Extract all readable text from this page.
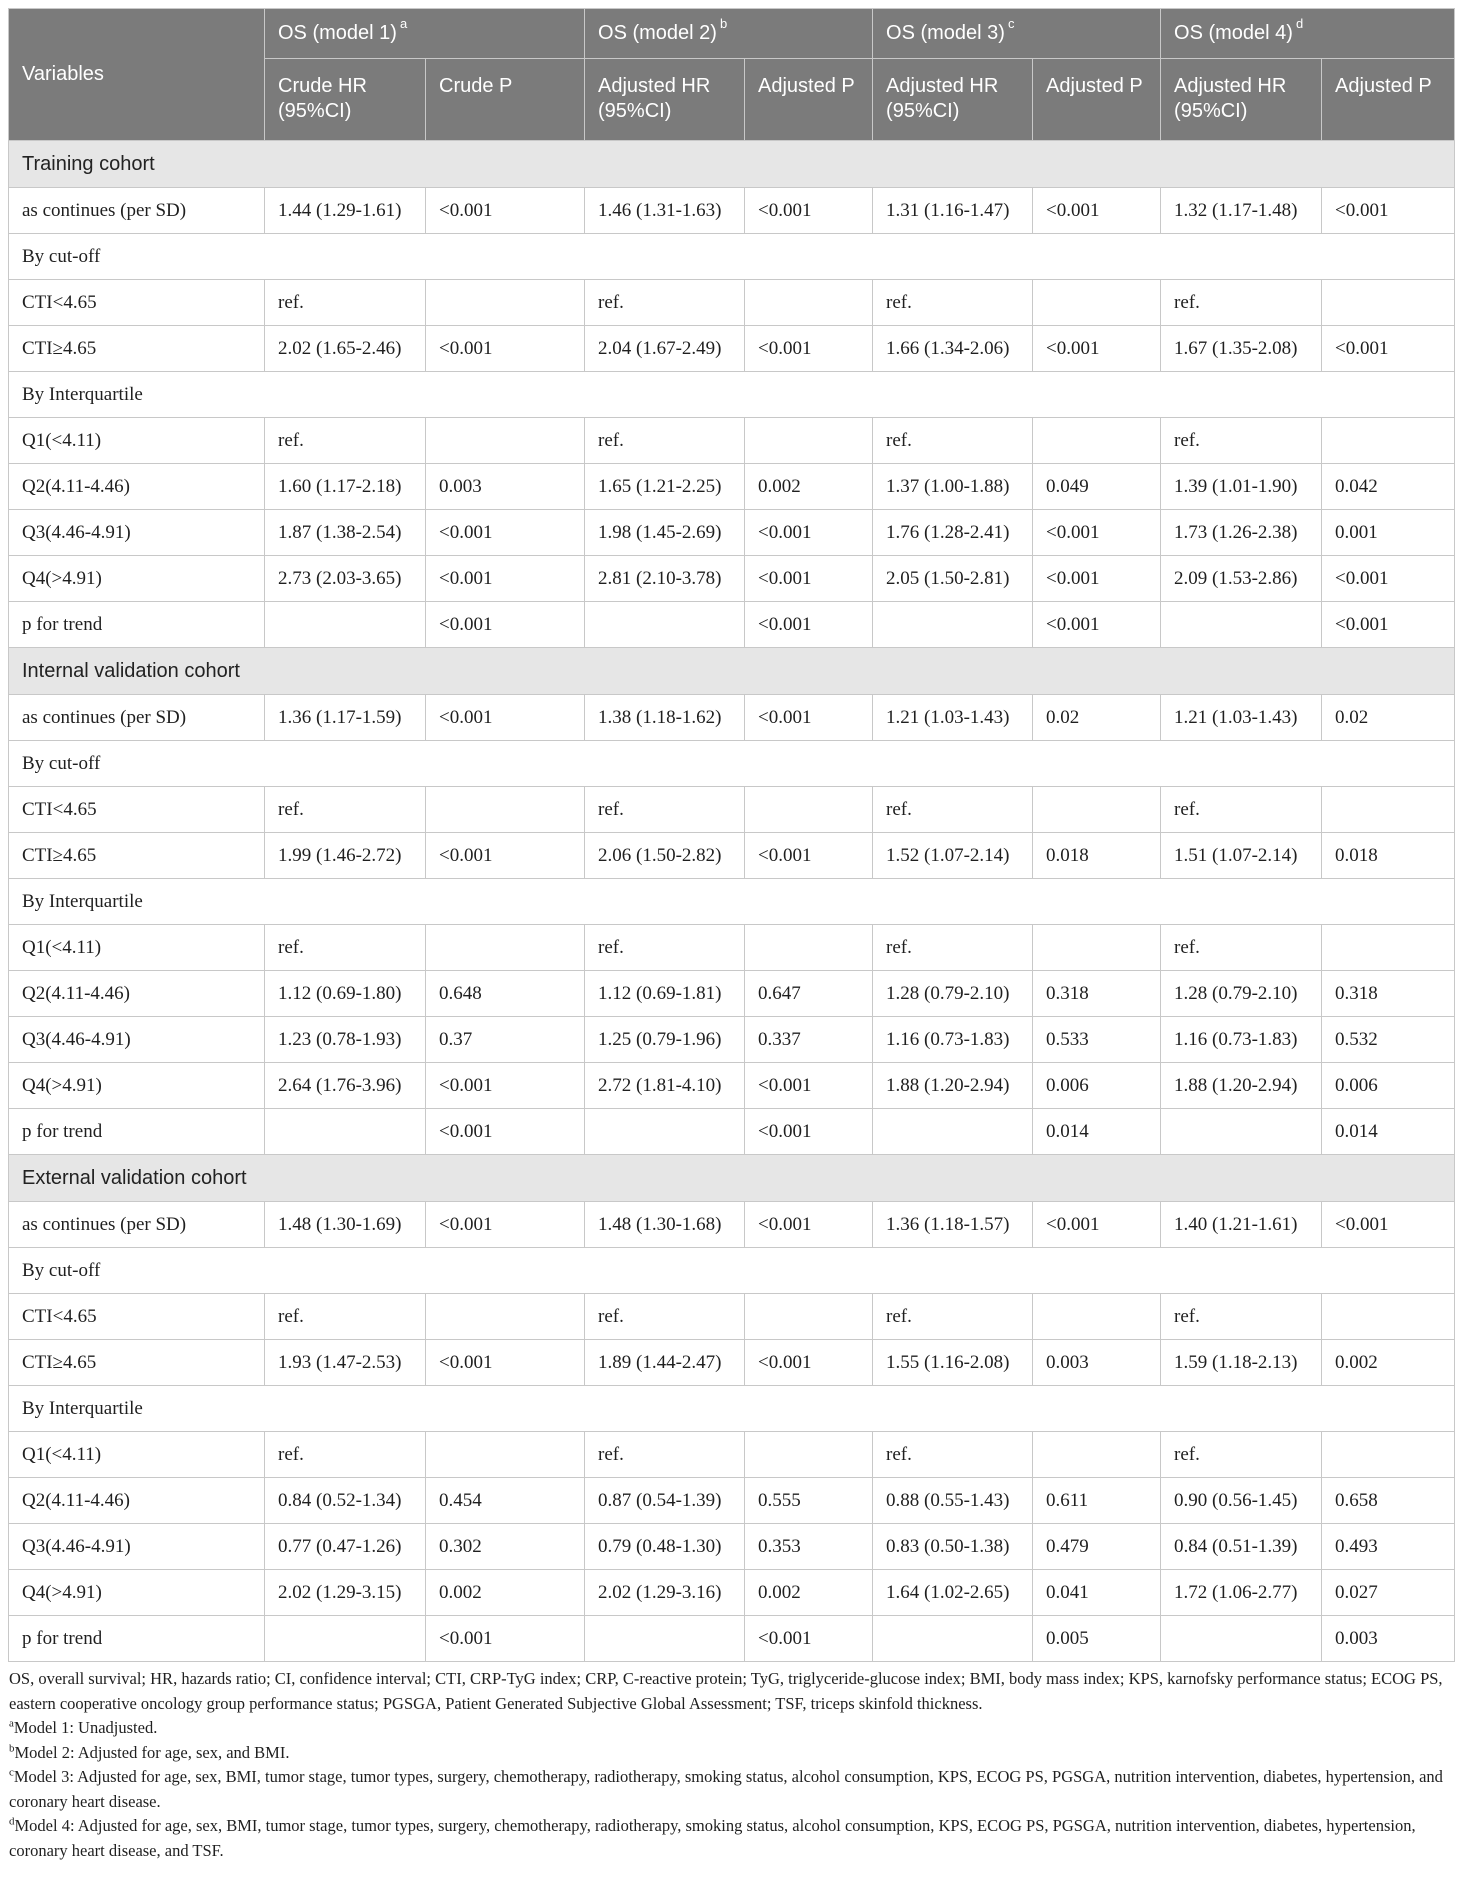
Variables	OS (model 1) $^a$		OS (model 2) $^b$		OS (model 3) $^c$		OS (model 4) $^d$
	Crude HR (95%CI)	Crude P	Adjusted HR (95%CI)	Adjusted P	Adjusted HR (95%CI)	Adjusted P	Adjusted HR (95%CI)	Adjusted P
Training cohort								
as continues (per SD)	1.44 (1.29-1.61)	<0.001	1.46 (1.31-1.63)	<0.001	1.31 (1.16-1.47)	<0.001	1.32 (1.17-1.48)	<0.001
By cut-off								
CTI<4.65	ref.		ref.		ref.		ref.	
CTI≥4.65	2.02 (1.65-2.46)	<0.001	2.04 (1.67-2.49)	<0.001	1.66 (1.34-2.06)	<0.001	1.67 (1.35-2.08)	<0.001
By Interquartile								
Q1(<4.11)	ref.		ref.		ref.		ref.	
Q2(4.11-4.46)	1.60 (1.17-2.18)	0.003	1.65 (1.21-2.25)	0.002	1.37 (1.00-1.88)	0.049	1.39 (1.01-1.90)	0.042
Q3(4.46-4.91)	1.87 (1.38-2.54)	<0.001	1.98 (1.45-2.69)	<0.001	1.76 (1.28-2.41)	<0.001	1.73 (1.26-2.38)	0.001
Q4(>4.91)	2.73 (2.03-3.65)	<0.001	2.81 (2.10-3.78)	<0.001	2.05 (1.50-2.81)	<0.001	2.09 (1.53-2.86)	<0.001
p for trend		<0.001		<0.001		<0.001		<0.001
Internal validation cohort								
as continues (per SD)	1.36 (1.17-1.59)	<0.001	1.38 (1.18-1.62)	<0.001	1.21 (1.03-1.43)	0.02	1.21 (1.03-1.43)	0.02
By cut-off								
CTI<4.65	ref.		ref.		ref.		ref.	
CTI≥4.65	1.99 (1.46-2.72)	<0.001	2.06 (1.50-2.82)	<0.001	1.52 (1.07-2.14)	0.018	1.51 (1.07-2.14)	0.018
By Interquartile								
Q1(<4.11)	ref.		ref.		ref.		ref.	
Q2(4.11-4.46)	1.12 (0.69-1.80)	0.648	1.12 (0.69-1.81)	0.647	1.28 (0.79-2.10)	0.318	1.28 (0.79-2.10)	0.318
Q3(4.46-4.91)	1.23 (0.78-1.93)	0.37	1.25 (0.79-1.96)	0.337	1.16 (0.73-1.83)	0.533	1.16 (0.73-1.83)	0.532
Q4(>4.91)	2.64 (1.76-3.96)	<0.001	2.72 (1.81-4.10)	<0.001	1.88 (1.20-2.94)	0.006	1.88 (1.20-2.94)	0.006
p for trend		<0.001		<0.001		0.014		0.014
External validation cohort								
as continues (per SD)	1.48 (1.30-1.69)	<0.001	1.48 (1.30-1.68)	<0.001	1.36 (1.18-1.57)	<0.001	1.40 (1.21-1.61)	<0.001
By cut-off								
CTI<4.65	ref.		ref.		ref.		ref.	
CTI≥4.65	1.93 (1.47-2.53)	<0.001	1.89 (1.44-2.47)	<0.001	1.55 (1.16-2.08)	0.003	1.59 (1.18-2.13)	0.002
By Interquartile								
Q1(<4.11)	ref.		ref.		ref.		ref.	
Q2(4.11-4.46)	0.84 (0.52-1.34)	0.454	0.87 (0.54-1.39)	0.555	0.88 (0.55-1.43)	0.611	0.90 (0.56-1.45)	0.658
Q3(4.46-4.91)	0.77 (0.47-1.26)	0.302	0.79 (0.48-1.30)	0.353	0.83 (0.50-1.38)	0.479	0.84 (0.51-1.39)	0.493
Q4(>4.91)	2.02 (1.29-3.15)	0.002	2.02 (1.29-3.16)	0.002	1.64 (1.02-2.65)	0.041	1.72 (1.06-2.77)	0.027
p for trend		<0.001		<0.001		0.005		0.003

OS, overall survival; HR, hazards ratio; CI, confidence interval; CTI, CRP-TyG index; CRP, C-reactive protein; TyG, triglyceride-glucose index; BMI, body mass index; KPS, karnofsky performance status; ECOG PS, eastern cooperative oncology group performance status; PGSGA, Patient Generated Subjective Global Assessment; TSF, triceps skinfold thickness.

$^a$Model 1: Unadjusted.

$^b$Model 2: Adjusted for age, sex, and BMI.

$^c$Model 3: Adjusted for age, sex, BMI, tumor stage, tumor types, surgery, chemotherapy, radiotherapy, smoking status, alcohol consumption, KPS, ECOG PS, PGSGA, nutrition intervention, diabetes, hypertension, and coronary heart disease.

$^d$Model 4: Adjusted for age, sex, BMI, tumor stage, tumor types, surgery, chemotherapy, radiotherapy, smoking status, alcohol consumption, KPS, ECOG PS, PGSGA, nutrition intervention, diabetes, hypertension, coronary heart disease, and TSF.
